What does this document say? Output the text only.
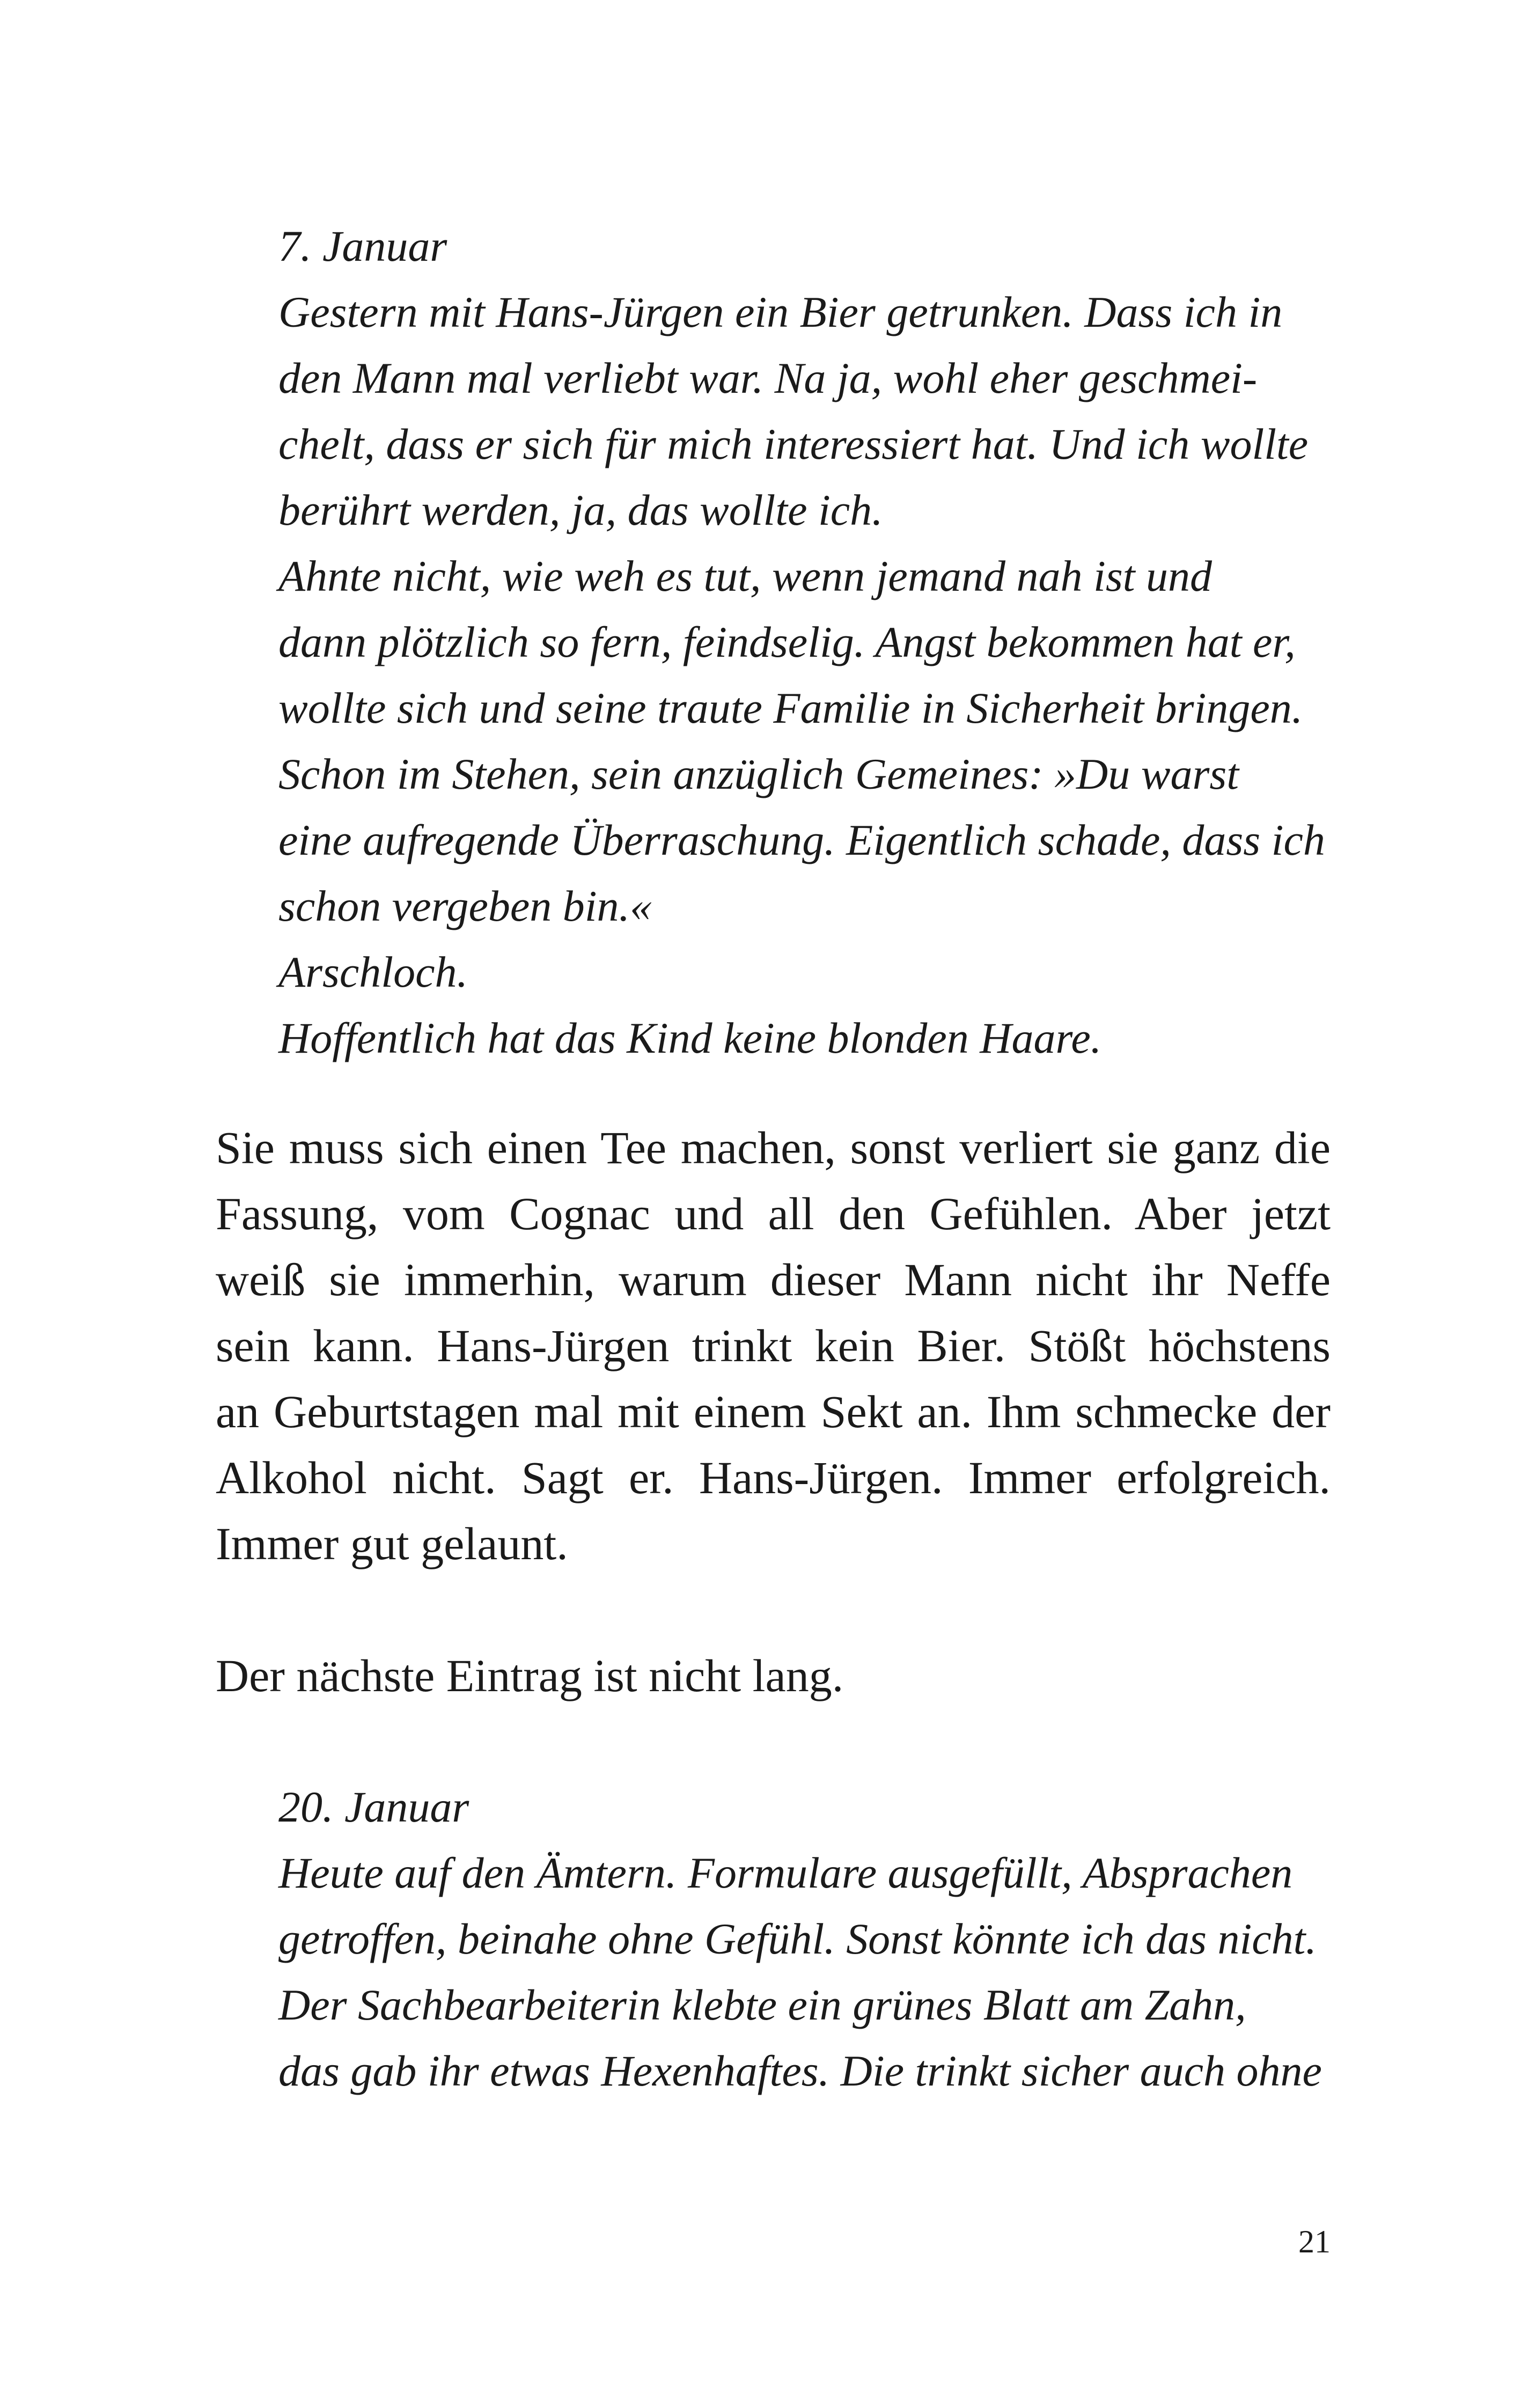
7. Januar
Gestern mit Hans-Jürgen ein Bier getrunken. Dass ich in
den Mann mal verliebt war. Na ja, wohl eher geschmei-
chelt, dass er sich für mich interessiert hat. Und ich wollte
berührt werden, ja, das wollte ich.
Ahnte nicht, wie weh es tut, wenn jemand nah ist und
dann plötzlich so fern, feindselig. Angst bekommen hat er,
wollte sich und seine traute Familie in Sicherheit bringen.
Schon im Stehen, sein anzüglich Gemeines: »Du warst
eine aufregende Überraschung. Eigentlich schade, dass ich
schon vergeben bin.«
Arschloch.
Hoffentlich hat das Kind keine blonden Haare.
Sie muss sich einen Tee machen, sonst verliert sie ganz die
Fassung, vom Cognac und all den Gefühlen. Aber jetzt
weiß sie immerhin, warum dieser Mann nicht ihr Neffe
sein kann. Hans-Jürgen trinkt kein Bier. Stößt höchstens
an Geburtstagen mal mit einem Sekt an. Ihm schmecke der
Alkohol nicht. Sagt er. Hans-Jürgen. Immer erfolgreich.
Immer gut gelaunt.
Der nächste Eintrag ist nicht lang.
20. Januar
Heute auf den Ämtern. Formulare ausgefüllt, Absprachen
getroffen, beinahe ohne Gefühl. Sonst könnte ich das nicht.
Der Sachbearbeiterin klebte ein grünes Blatt am Zahn,
das gab ihr etwas Hexenhaftes. Die trinkt sicher auch ohne
21
